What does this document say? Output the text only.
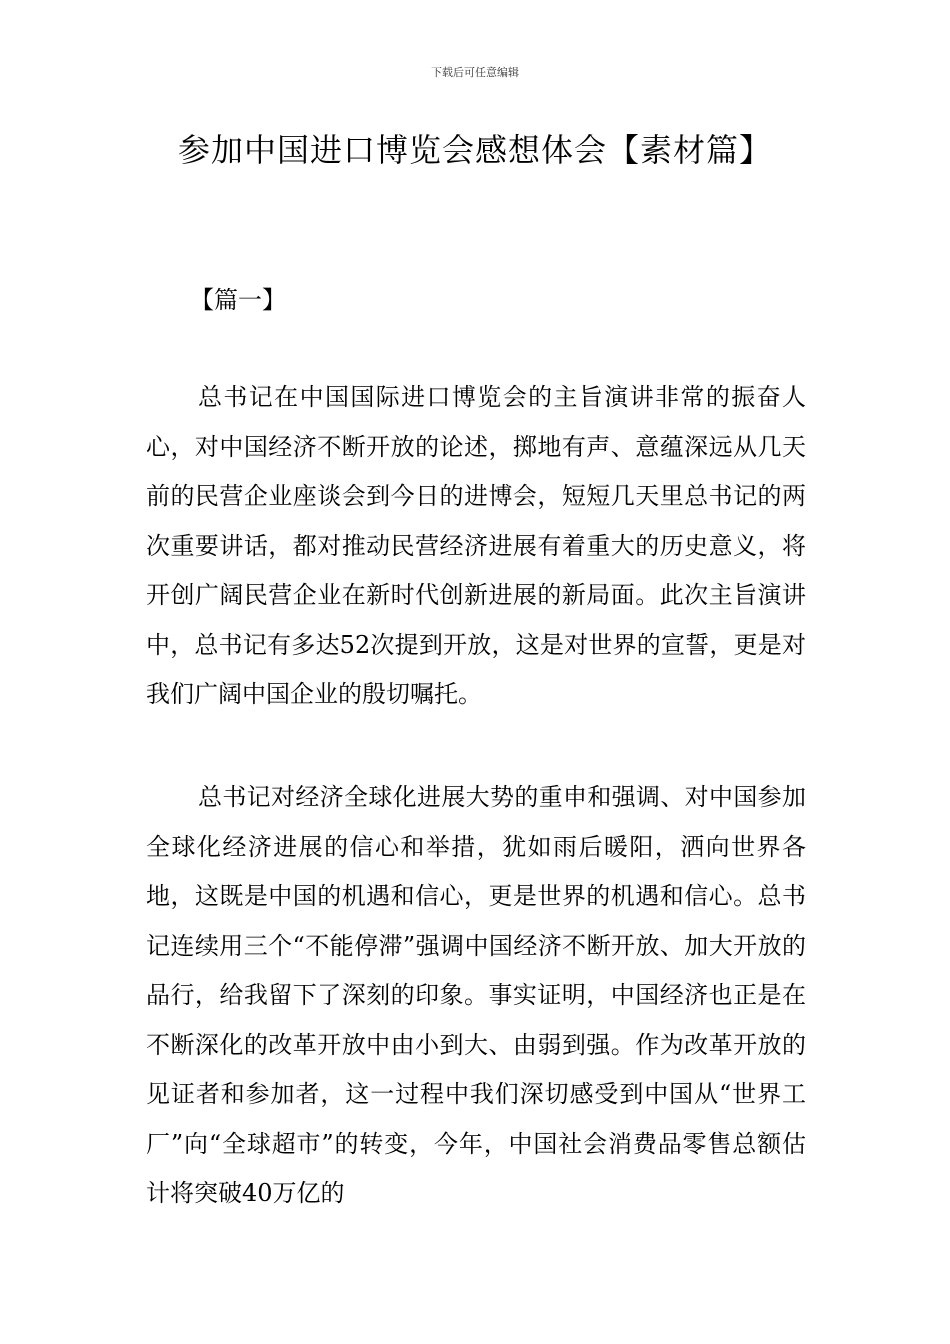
下载后可任意编辑
参加中国进口博览会感想体会【素材篇】
【篇一】

总书记在中国国际进口博览会的主旨演讲非常的振奋人心，对中国经济不断开放的论述，掷地有声、意蕴深远从几天前的民营企业座谈会到今日的进博会，短短几天里总书记的两次重要讲话，都对推动民营经济进展有着重大的历史意义，将开创广阔民营企业在新时代创新进展的新局面。此次主旨演讲中，总书记有多达52次提到开放，这是对世界的宣誓，更是对我们广阔中国企业的殷切嘱托。

总书记对经济全球化进展大势的重申和强调、对中国参加全球化经济进展的信心和举措，犹如雨后暖阳，洒向世界各地，这既是中国的机遇和信心，更是世界的机遇和信心。总书记连续用三个“不能停滞”强调中国经济不断开放、加大开放的品行，给我留下了深刻的印象。事实证明，中国经济也正是在不断深化的改革开放中由小到大、由弱到强。作为改革开放的见证者和参加者，这一过程中我们深切感受到中国从“世界工厂”向“全球超市”的转变，今年，中国社会消费品零售总额估计将突破40万亿的
